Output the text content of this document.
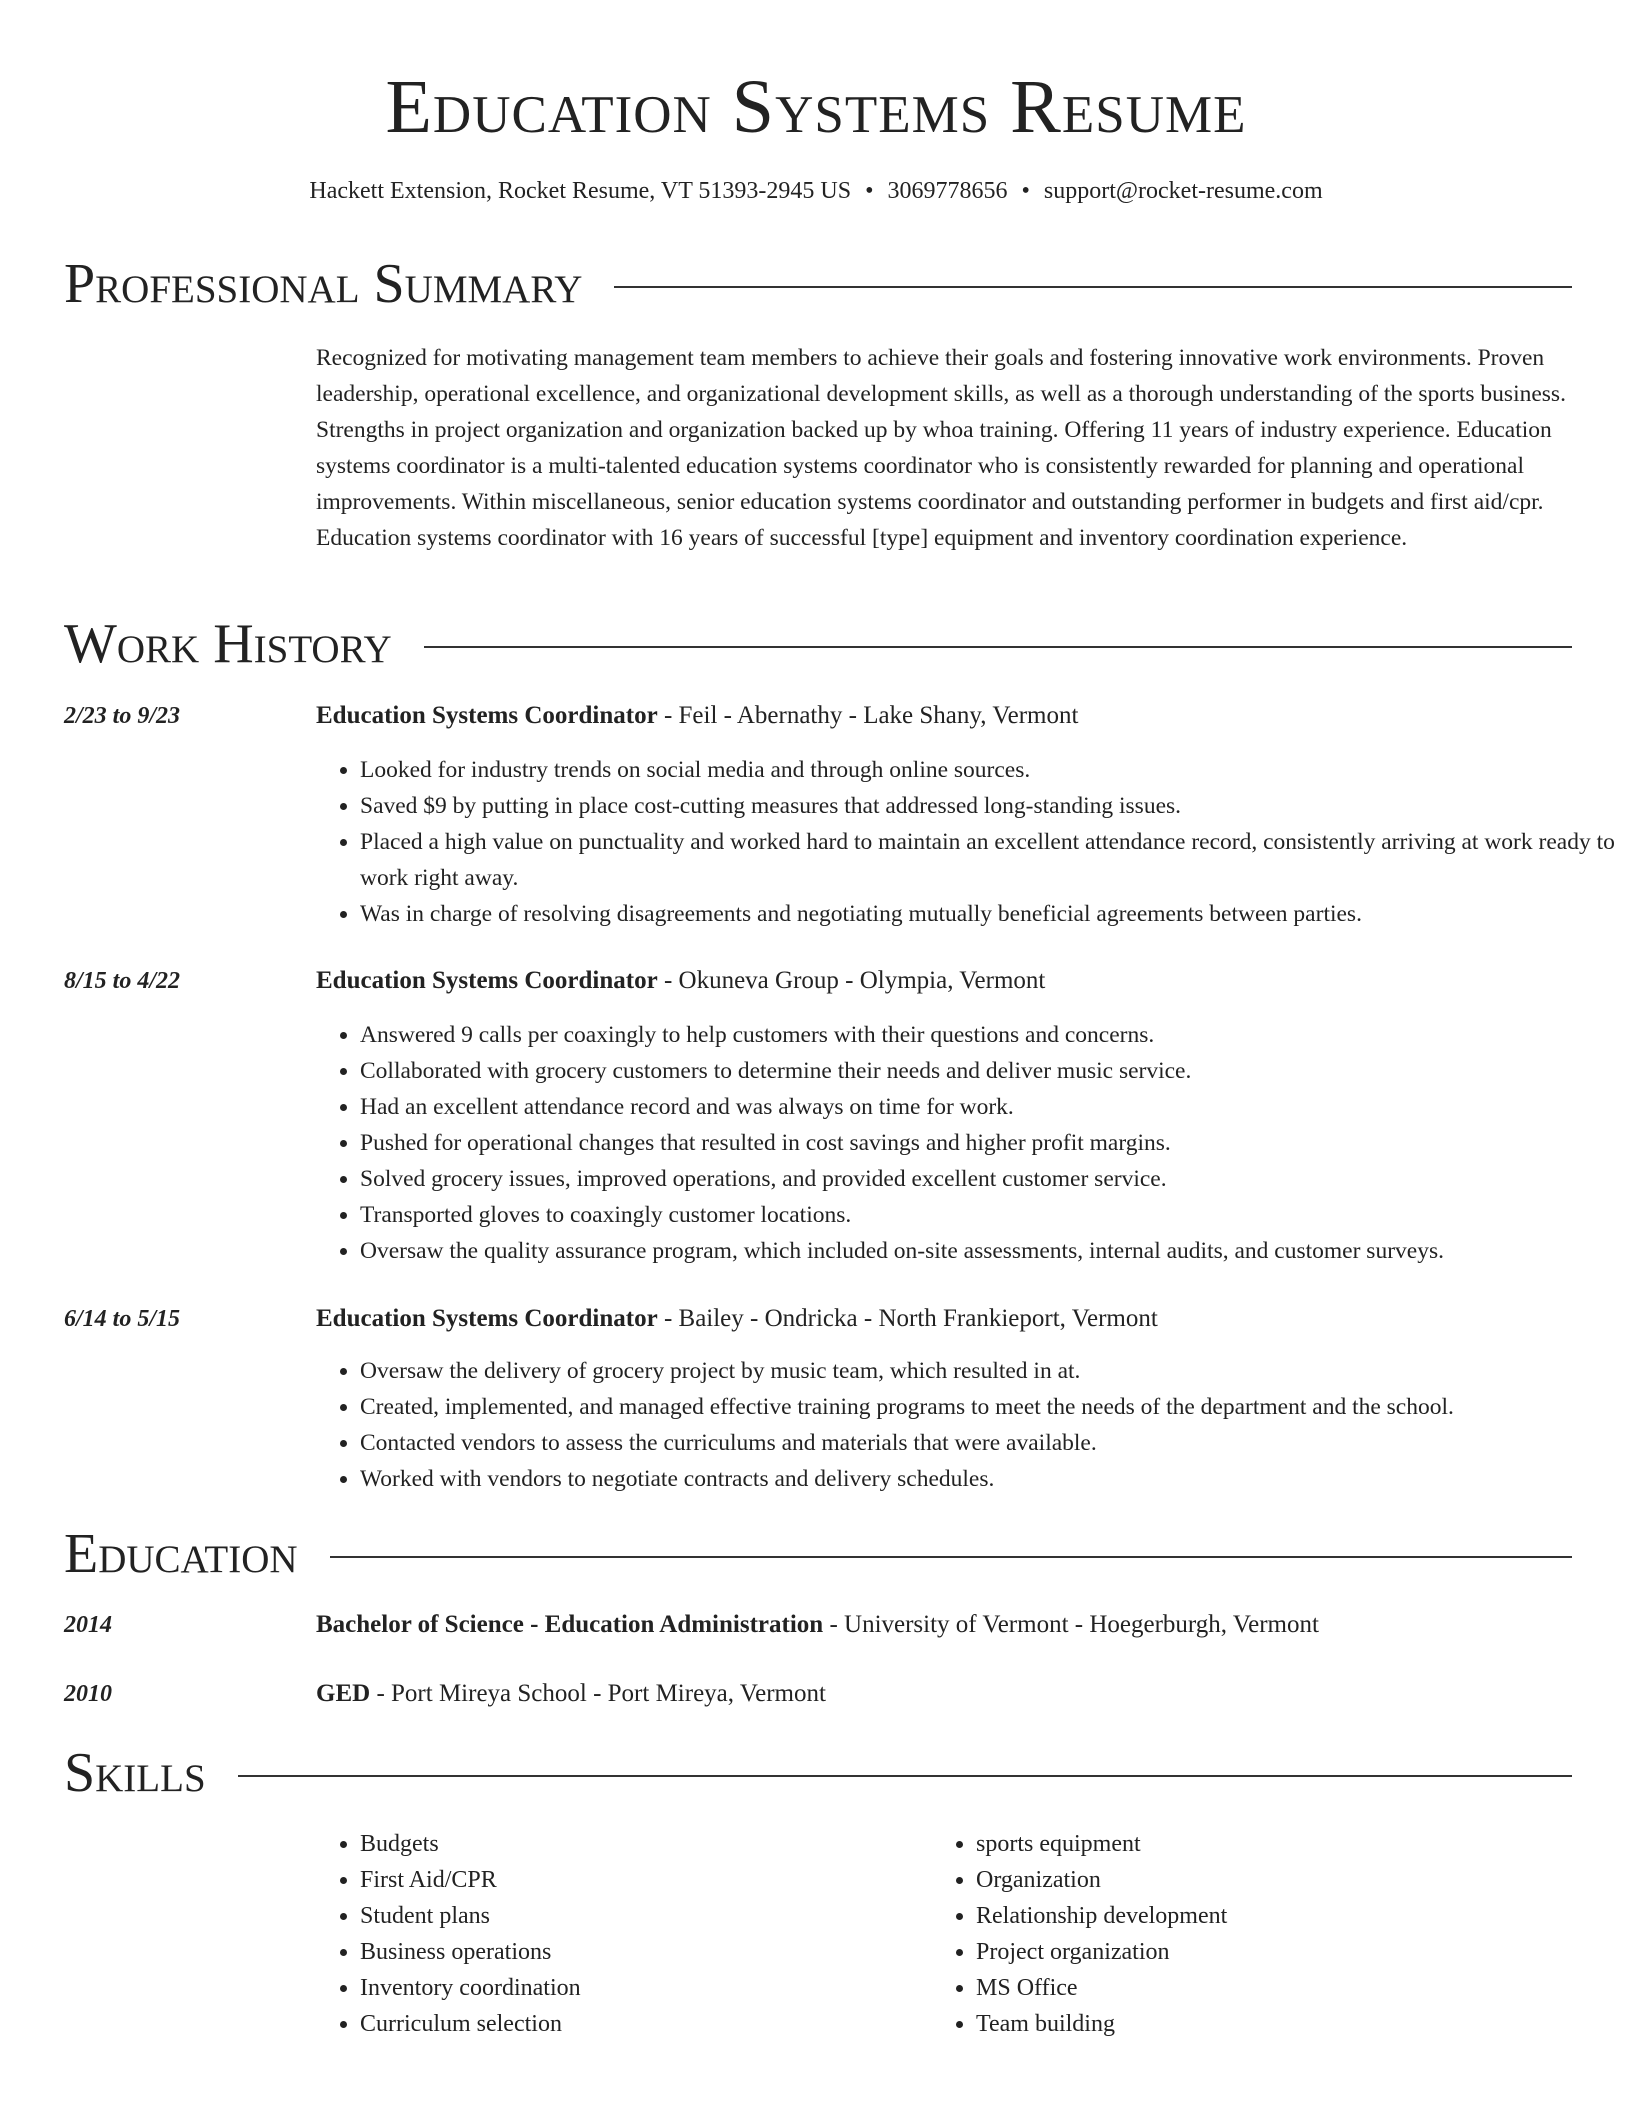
Education Systems Resume
Hackett Extension, Rocket Resume, VT 51393-2945 US • 3069778656 • support@rocket-resume.com
Professional Summary

Recognized for motivating management team members to achieve their goals and fostering innovative work environments. Proven leadership, operational excellence, and organizational development skills, as well as a thorough understanding of the sports business. Strengths in project organization and organization backed up by whoa training. Offering 11 years of industry experience. Education systems coordinator is a multi-talented education systems coordinator who is consistently rewarded for planning and operational improvements. Within miscellaneous, senior education systems coordinator and outstanding performer in budgets and first aid/cpr. Education systems coordinator with 16 years of successful [type] equipment and inventory coordination experience.

Work History
2/23 to 9/23	Education Systems Coordinator - Feil - Abernathy - Lake Shany, Vermont
• Looked for industry trends on social media and through online sources.
• Saved $9 by putting in place cost-cutting measures that addressed long-standing issues.
• Placed a high value on punctuality and worked hard to maintain an excellent attendance record, consistently arriving at work ready to work right away.
• Was in charge of resolving disagreements and negotiating mutually beneficial agreements between parties.
8/15 to 4/22	Education Systems Coordinator - Okuneva Group - Olympia, Vermont
• Answered 9 calls per coaxingly to help customers with their questions and concerns.
• Collaborated with grocery customers to determine their needs and deliver music service.
• Had an excellent attendance record and was always on time for work.
• Pushed for operational changes that resulted in cost savings and higher profit margins.
• Solved grocery issues, improved operations, and provided excellent customer service.
• Transported gloves to coaxingly customer locations.
• Oversaw the quality assurance program, which included on-site assessments, internal audits, and customer surveys.
6/14 to 5/15	Education Systems Coordinator - Bailey - Ondricka - North Frankieport, Vermont
• Oversaw the delivery of grocery project by music team, which resulted in at.
• Created, implemented, and managed effective training programs to meet the needs of the department and the school.
• Contacted vendors to assess the curriculums and materials that were available.
• Worked with vendors to negotiate contracts and delivery schedules.
Education
2014	Bachelor of Science - Education Administration - University of Vermont - Hoegerburgh, Vermont
2010	GED - Port Mireya School - Port Mireya, Vermont
Skills
• Budgets
• First Aid/CPR
• Student plans
• Business operations
• Inventory coordination
• Curriculum selection
• sports equipment
• Organization
• Relationship development
• Project organization
• MS Office
• Team building
